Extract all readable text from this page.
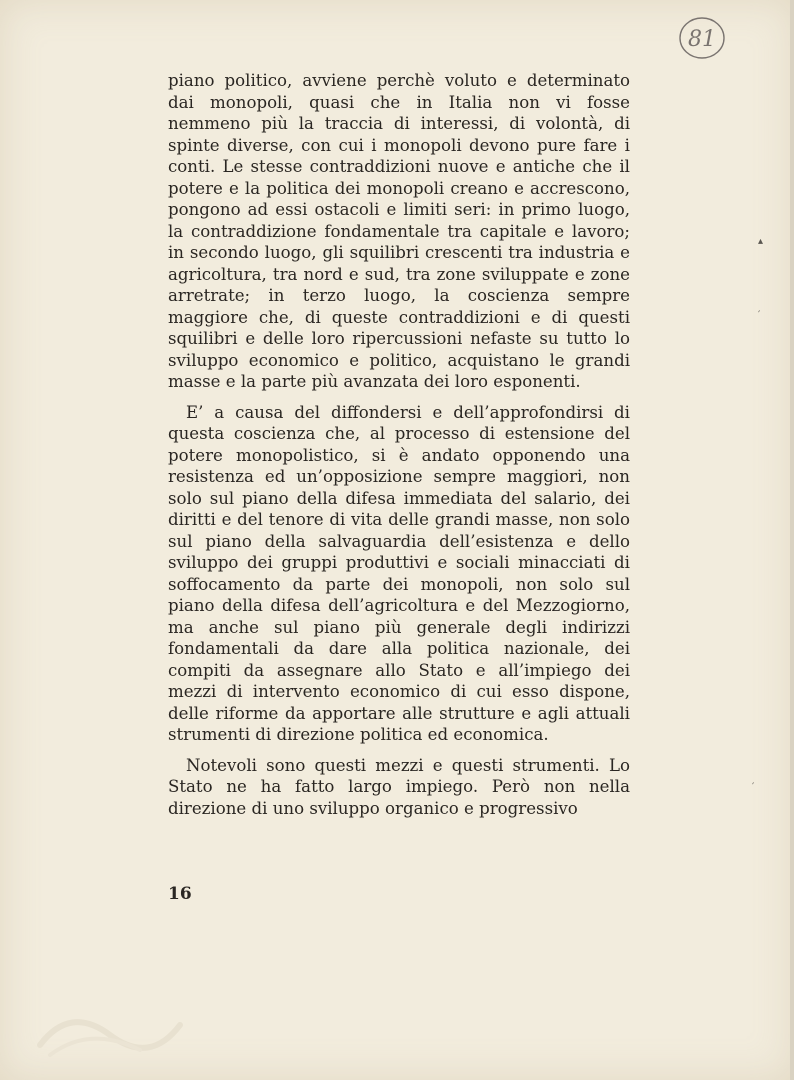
81

piano politico, avviene perchè voluto e determinato dai monopoli, quasi che in Italia non vi fosse nemmeno più la traccia di interessi, di volontà, di spinte diverse, con cui i monopoli devono pure fare i conti. Le stesse contraddizioni nuove e antiche che il potere e la politica dei monopoli creano e accrescono, pongono ad essi ostacoli e limiti seri: in primo luogo, la contraddizione fondamentale tra capitale e lavoro; in secondo luogo, gli squilibri crescenti tra industria e agricoltura, tra nord e sud, tra zone sviluppate e zone arretrate; in terzo luogo, la coscienza sempre maggiore che, di queste contraddizioni e di questi squilibri e delle loro ripercussioni nefaste su tutto lo sviluppo economico e politico, acquistano le grandi masse e la parte più avanzata dei loro esponenti.

E’ a causa del diffondersi e dell’approfondirsi di questa coscienza che, al processo di estensione del potere monopolistico, si è andato opponendo una resistenza ed un’opposizione sempre maggiori, non solo sul piano della difesa immediata del salario, dei diritti e del tenore di vita delle grandi masse, non solo sul piano della salvaguardia dell’esistenza e dello sviluppo dei gruppi produttivi e sociali minacciati di soffocamento da parte dei monopoli, non solo sul piano della difesa dell’agricoltura e del Mezzogiorno, ma anche sul piano più generale degli indirizzi fondamentali da dare alla politica nazionale, dei compiti da assegnare allo Stato e all’impiego dei mezzi di intervento economico di cui esso dispone, delle riforme da apportare alle strutture e agli attuali strumenti di direzione politica ed economica.

Notevoli sono questi mezzi e questi strumenti. Lo Stato ne ha fatto largo impiego. Però non nella direzione di uno sviluppo organico e progressivo

16
▴
′
′
